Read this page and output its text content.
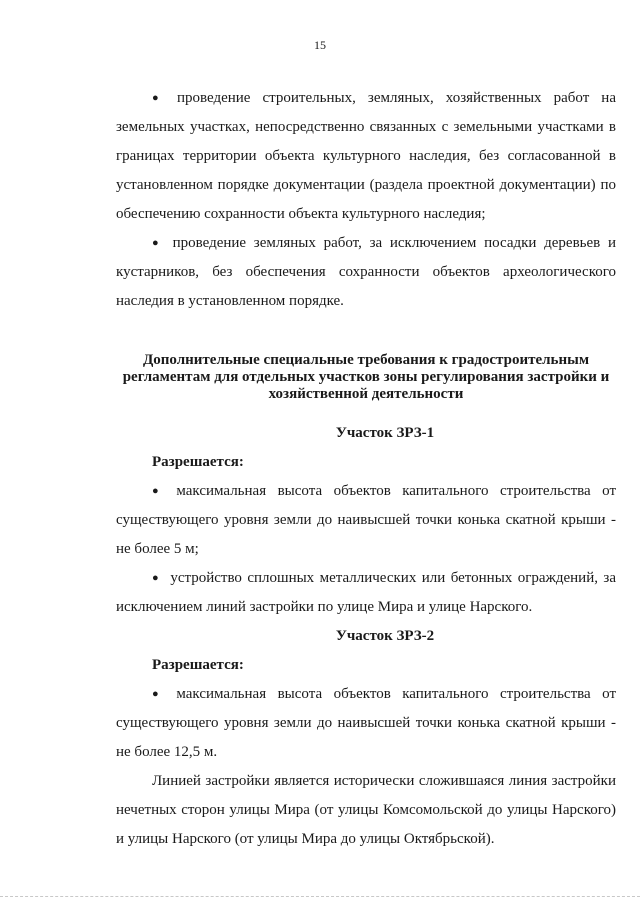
15
● проведение строительных, земляных, хозяйственных работ на
земельных участках, непосредственно связанных с земельными участками в
границах территории объекта культурного наследия, без согласованной в
установленном порядке документации (раздела проектной документации) по
обеспечению сохранности объекта культурного наследия;
● проведение земляных работ, за исключением посадки деревьев и
кустарников, без обеспечения сохранности объектов археологического
наследия в установленном порядке.
Дополнительные специальные требования к градостроительным
регламентам для отдельных участков зоны регулирования застройки и
хозяйственной деятельности
Участок ЗРЗ-1
Разрешается:
● максимальная высота объектов капитального строительства от
существующего уровня земли до наивысшей точки конька скатной крыши -
не более 5 м;
● устройство сплошных металлических или бетонных ограждений, за
исключением линий застройки по улице Мира и улице Нарского.
Участок ЗРЗ-2
Разрешается:
● максимальная высота объектов капитального строительства от
существующего уровня земли до наивысшей точки конька скатной крыши -
не более 12,5 м.
Линией застройки является исторически сложившаяся линия застройки
нечетных сторон улицы Мира (от улицы Комсомольской до улицы Нарского)
и улицы Нарского (от улицы Мира до улицы Октябрьской).
